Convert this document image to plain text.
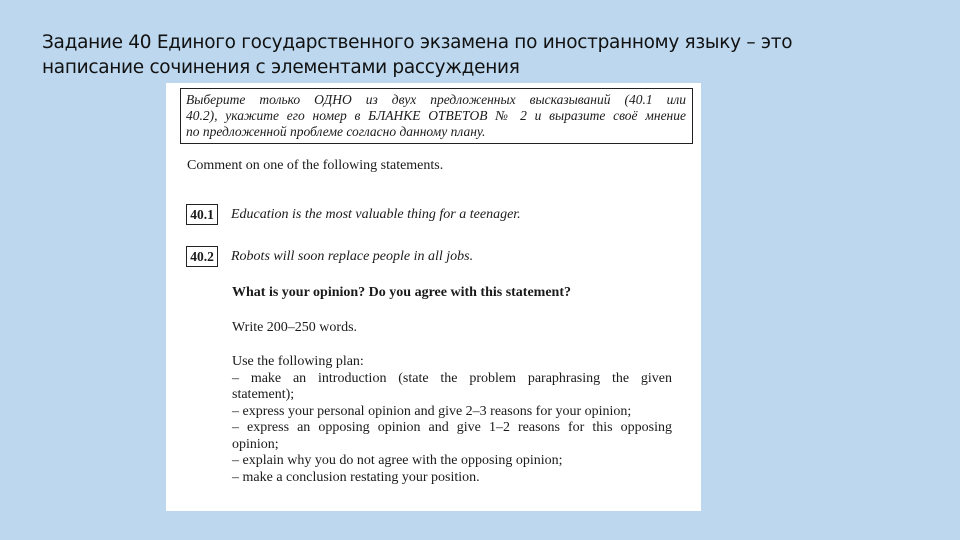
Задание 40 Единого государственного экзамена по иностранному языку – это
написание сочинения с элементами рассуждения
Выберите только ОДНО из двух предложенных высказываний (40.1 или
40.2), укажите его номер в БЛАНКЕ ОТВЕТОВ № 2 и выразите своё мнение
по предложенной проблеме согласно данному плану.
Comment on one of the following statements.
40.1 Education is the most valuable thing for a teenager.
40.2 Robots will soon replace people in all jobs.
What is your opinion? Do you agree with this statement?
Write 200–250 words.
Use the following plan:
– make an introduction (state the problem paraphrasing the given
statement);
– express your personal opinion and give 2–3 reasons for your opinion;
– express an opposing opinion and give 1–2 reasons for this opposing
opinion;
– explain why you do not agree with the opposing opinion;
– make a conclusion restating your position.
